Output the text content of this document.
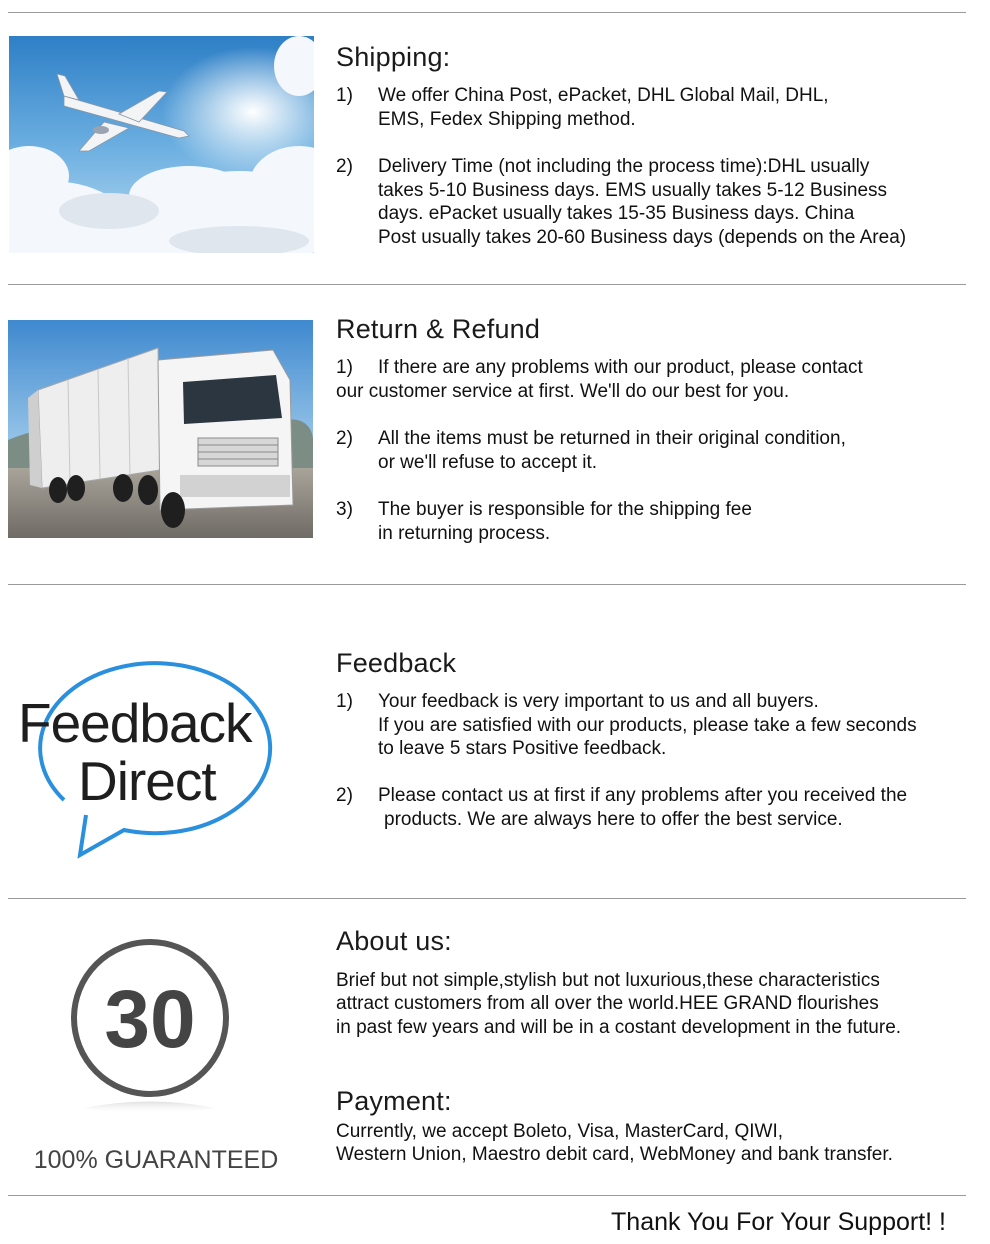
Shipping:
1) We offer China Post, ePacket, DHL Global Mail, DHL,
EMS, Fedex Shipping method.
2) Delivery Time (not including the process time):DHL usually
takes 5-10 Business days. EMS usually takes 5-12 Business
days. ePacket usually takes 15-35 Business days. China
Post usually takes 20-60 Business days (depends on the Area)
Return & Refund
1) If there are any problems with our product, please contact
our customer service at first. We'll do our best for you.
2) All the items must be returned in their original condition,
or we'll refuse to accept it.
3) The buyer is responsible for the shipping fee
in returning process.
Feedback
Direct
Feedback
1) Your feedback is very important to us and all buyers.
If you are satisfied with our products, please take a few seconds
to leave 5 stars Positive feedback.
2) Please contact us at first if any problems after you received the
products. We are always here to offer the best service.
30
100% GUARANTEED
About us:
Brief but not simple,stylish but not luxurious,these characteristics
attract customers from all over the world.HEE GRAND flourishes
in past few years and will be in a costant development in the future.
Payment:
Currently, we accept Boleto, Visa, MasterCard, QIWI,
Western Union, Maestro debit card, WebMoney and bank transfer.
Thank You For Your Support! !
